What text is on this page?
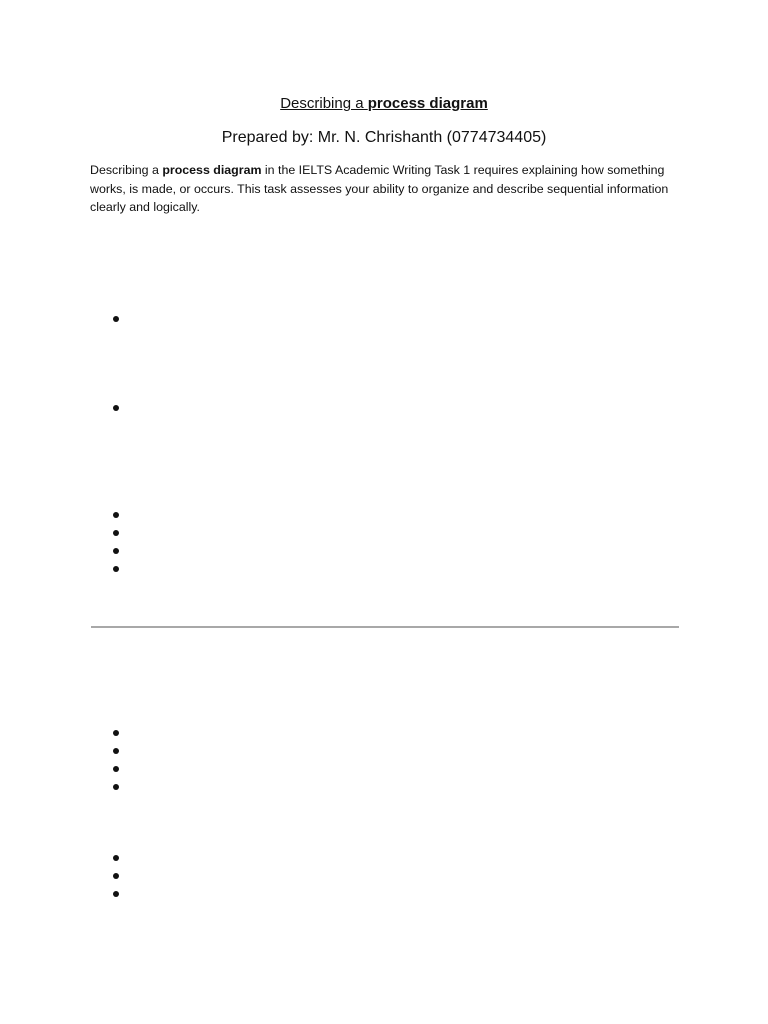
Describing a process diagram
Prepared by: Mr. N. Chrishanth (0774734405)
Describing a process diagram in the IELTS Academic Writing Task 1 requires explaining how something works, is made, or occurs. This task assesses your ability to organize and describe sequential information clearly and logically.
